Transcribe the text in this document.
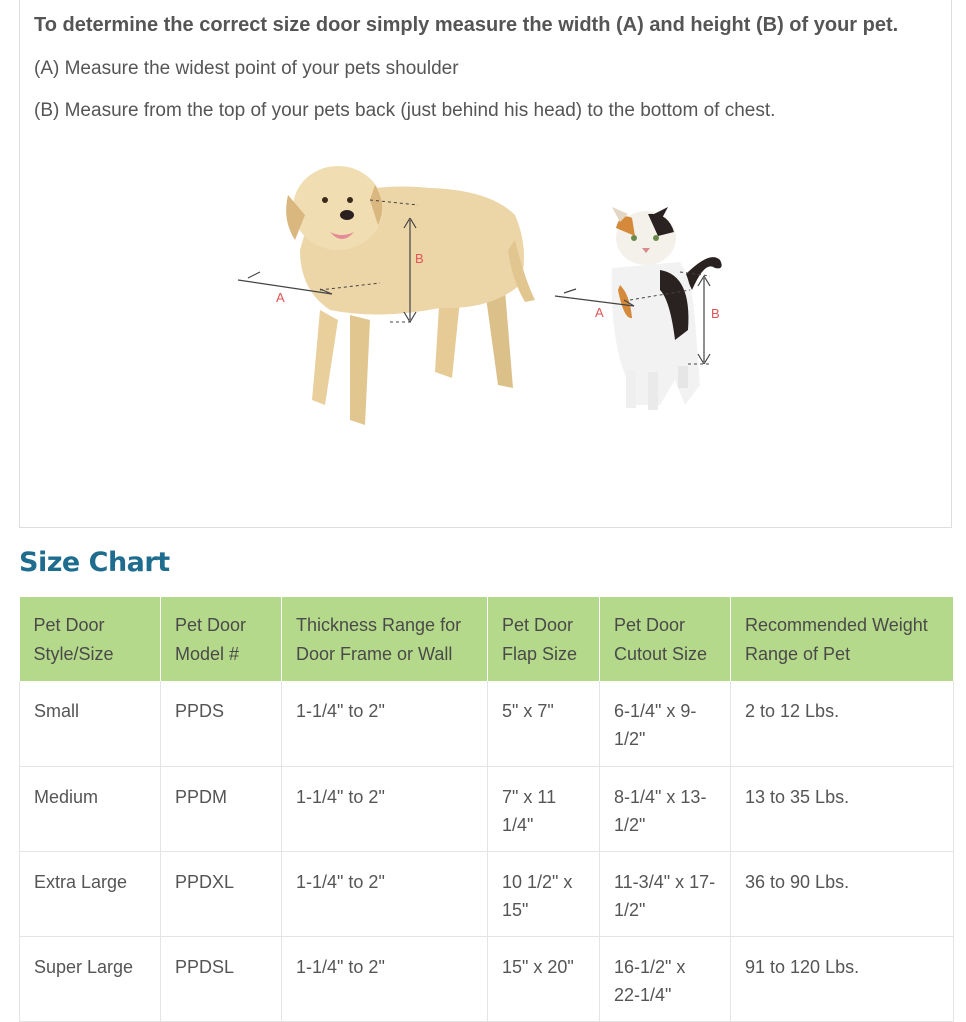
To determine the correct size door simply measure the width (A) and height (B) of your pet.
(A) Measure the widest point of your pets shoulder
(B) Measure from the top of your pets back (just behind his head) to the bottom of chest.
A
B
A	B
Size Chart
Pet Door Style/Size	Pet Door Model #	Thickness Range for Door Frame or Wall	Pet Door Flap Size	Pet Door Cutout Size	Recommended Weight Range of Pet
Small	PPDS	1-1/4" to 2"	5" x 7"	6-1/4" x 9-1/2"	2 to 12 Lbs.
Medium	PPDM	1-1/4" to 2"	7" x 11 1/4"	8-1/4" x 13-1/2"	13 to 35 Lbs.
Extra Large	PPDXL	1-1/4" to 2"	10 1/2" x 15"	11-3/4" x 17-1/2"	36 to 90 Lbs.
Super Large	PPDSL	1-1/4" to 2"	15" x 20"	16-1/2" x 22-1/4"	91 to 120 Lbs.
